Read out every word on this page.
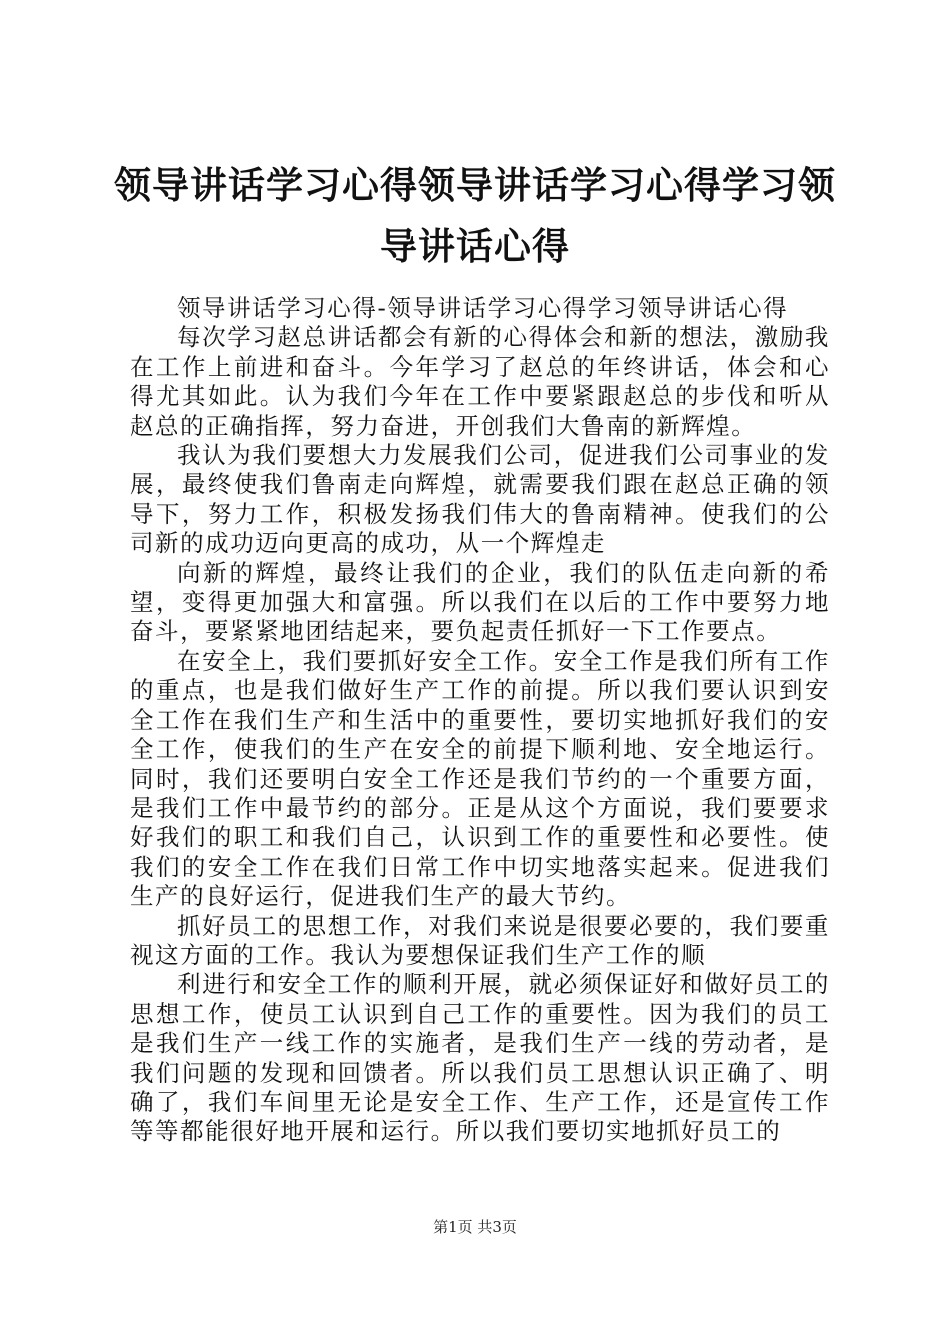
领导讲话学习心得领导讲话学习心得学习领导讲话心得

领导讲话学习心得-领导讲话学习心得学习领导讲话心得

每次学习赵总讲话都会有新的心得体会和新的想法，激励我在工作上前进和奋斗。今年学习了赵总的年终讲话，体会和心得尤其如此。认为我们今年在工作中要紧跟赵总的步伐和听从赵总的正确指挥，努力奋进，开创我们大鲁南的新辉煌。

我认为我们要想大力发展我们公司，促进我们公司事业的发展，最终使我们鲁南走向辉煌，就需要我们跟在赵总正确的领导下，努力工作，积极发扬我们伟大的鲁南精神。使我们的公司新的成功迈向更高的成功，从一个辉煌走

向新的辉煌，最终让我们的企业，我们的队伍走向新的希望，变得更加强大和富强。所以我们在以后的工作中要努力地奋斗，要紧紧地团结起来，要负起责任抓好一下工作要点。

在安全上，我们要抓好安全工作。安全工作是我们所有工作的重点，也是我们做好生产工作的前提。所以我们要认识到安全工作在我们生产和生活中的重要性，要切实地抓好我们的安全工作，使我们的生产在安全的前提下顺利地、安全地运行。同时，我们还要明白安全工作还是我们节约的一个重要方面，是我们工作中最节约的部分。正是从这个方面说，我们要要求好我们的职工和我们自己，认识到工作的重要性和必要性。使我们的安全工作在我们日常工作中切实地落实起来。促进我们生产的良好运行，促进我们生产的最大节约。

抓好员工的思想工作，对我们来说是很要必要的，我们要重视这方面的工作。我认为要想保证我们生产工作的顺

利进行和安全工作的顺利开展，就必须保证好和做好员工的思想工作，使员工认识到自己工作的重要性。因为我们的员工是我们生产一线工作的实施者，是我们生产一线的劳动者，是我们问题的发现和回馈者。所以我们员工思想认识正确了、明确了，我们车间里无论是安全工作、生产工作，还是宣传工作等等都能很好地开展和运行。所以我们要切实地抓好员工的

第1页 共3页
